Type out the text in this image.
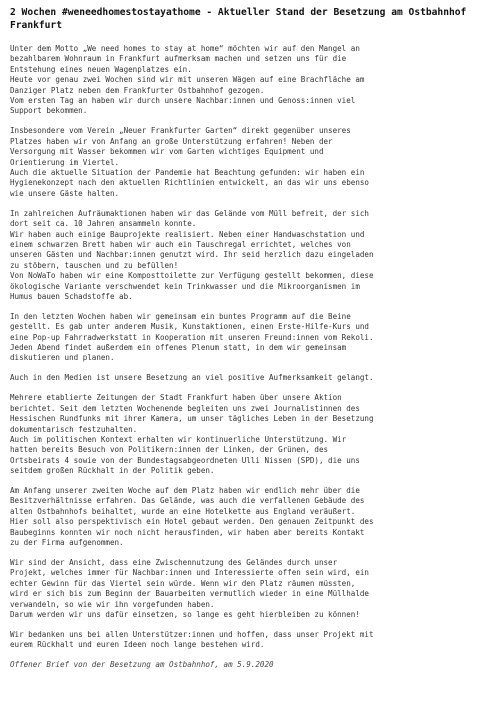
2 Wochen #weneedhomestostayathome - Aktueller Stand der Besetzung am Ostbahnhof Frankfurt
Unter dem Motto „We need homes to stay at home“ möchten wir auf den Mangel an
bezahlbarem Wohnraum in Frankfurt aufmerksam machen und setzen uns für die
Entstehung eines neuen Wagenplatzes ein.
Heute vor genau zwei Wochen sind wir mit unseren Wägen auf eine Brachfläche am
Danziger Platz neben dem Frankfurter Ostbahnhof gezogen.
Vom ersten Tag an haben wir durch unsere Nachbar:innen und Genoss:innen viel
Support bekommen.
Insbesondere vom Verein „Neuer Frankfurter Garten“ direkt gegenüber unseres
Platzes haben wir von Anfang an große Unterstützung erfahren! Neben der
Versorgung mit Wasser bekommen wir vom Garten wichtiges Equipment und
Orientierung im Viertel.
Auch die aktuelle Situation der Pandemie hat Beachtung gefunden: wir haben ein
Hygienekonzept nach den aktuellen Richtlinien entwickelt, an das wir uns ebenso
wie unsere Gäste halten.
In zahlreichen Aufräumaktionen haben wir das Gelände vom Müll befreit, der sich
dort seit ca. 10 Jahren ansammeln konnte.
Wir haben auch einige Bauprojekte realisiert. Neben einer Handwaschstation und
einem schwarzen Brett haben wir auch ein Tauschregal errichtet, welches von
unseren Gästen und Nachbar:innen genutzt wird. Ihr seid herzlich dazu eingeladen
zu stöbern, tauschen und zu befüllen!
Von NoWaTo haben wir eine Komposttoilette zur Verfügung gestellt bekommen, diese
ökologische Variante verschwendet kein Trinkwasser und die Mikroorganismen im
Humus bauen Schadstoffe ab.
In den letzten Wochen haben wir gemeinsam ein buntes Programm auf die Beine
gestellt. Es gab unter anderem Musik, Kunstaktionen, einen Erste-Hilfe-Kurs und
eine Pop-up Fahrradwerkstatt in Kooperation mit unseren Freund:innen vom Rekoli.
Jeden Abend findet außerdem ein offenes Plenum statt, in dem wir gemeinsam
diskutieren und planen.
Auch in den Medien ist unsere Besetzung an viel positive Aufmerksamkeit gelangt.
Mehrere etablierte Zeitungen der Stadt Frankfurt haben über unsere Aktion
berichtet. Seit dem letzten Wochenende begleiten uns zwei Journalistinnen des
Hessischen Rundfunks mit ihrer Kamera, um unser tägliches Leben in der Besetzung
dokumentarisch festzuhalten.
Auch im politischen Kontext erhalten wir kontinuerliche Unterstützung. Wir
hatten bereits Besuch von Politikern:innen der Linken, der Grünen, des
Ortsbeirats 4 sowie von der Bundestagsabgeordneten Ulli Nissen (SPD), die uns
seitdem großen Rückhalt in der Politik geben.
Am Anfang unserer zweiten Woche auf dem Platz haben wir endlich mehr über die
Besitzverhältnisse erfahren. Das Gelände, was auch die verfallenen Gebäude des
alten Ostbahnhofs beihaltet, wurde an eine Hotelkette aus England veräußert.
Hier soll also perspektivisch ein Hotel gebaut werden. Den genauen Zeitpunkt des
Baubeginns konnten wir noch nicht herausfinden, wir haben aber bereits Kontakt
zu der Firma aufgenommen.
Wir sind der Ansicht, dass eine Zwischennutzung des Geländes durch unser
Projekt, welches immer für Nachbar:innen und Interessierte offen sein wird, ein
echter Gewinn für das Viertel sein würde. Wenn wir den Platz räumen müssten,
wird er sich bis zum Beginn der Bauarbeiten vermutlich wieder in eine Müllhalde
verwandeln, so wie wir ihn vorgefunden haben.
Darum werden wir uns dafür einsetzen, so lange es geht hierbleiben zu können!
Wir bedanken uns bei allen Unterstützer:innen und hoffen, dass unser Projekt mit
eurem Rückhalt und euren Ideen noch lange bestehen wird.
Offener Brief von der Besetzung am Ostbahnhof, am 5.9.2020
